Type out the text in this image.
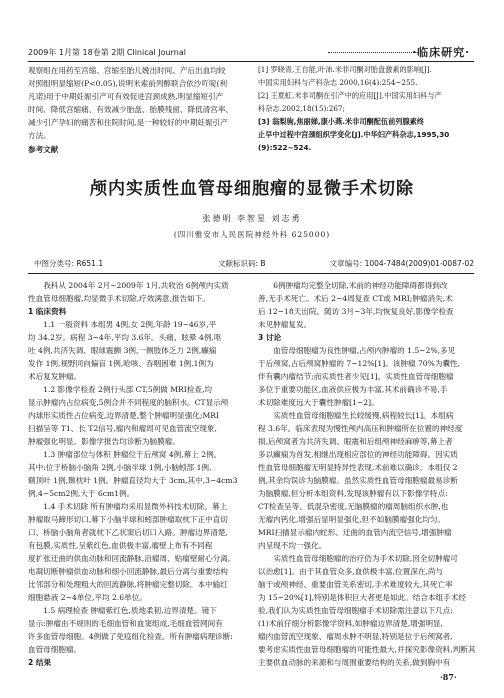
2009年 1月第 18卷第 2期 Clinical Journal	·临床研究·

观察组在用药至宫缩、宫缩至胎儿娩出时间、产后出血均较

对照组明显缩短(P<0.05),说明米索前列醇联合依沙吖啶(利

凡诺)用于中期妊娠引产可有效促进宫颈成熟,明显缩短引产

时间、降低宫缩痛、有效减少胎盘、胎膜残留、降低清宫率、

减少引产孕妇的痛苦和住院时间,是一种较好的中期妊娠引产

方法。

参考文献

[1] 罗晓青,王自能,叶沛.米非司酮对胎盘激素的影响[J].

中国实用妇科与产科杂志 2000,16(4):254~255.

[2] 王夏虹.米非司酮在引产中的应用[J].中国实用妇科与产

科杂志.2002,18(15):267;

[3] 翁梨驹,焦丽娣,康小燕.米非司酮配伍前列腺素终

止早中过程中宫颈组织学变化[J].中华妇产科杂志,1995,30

(9):522~524.

颅内实质性血管母细胞瘤的显微手术切除
张德明 李智星 刘志勇
(四川雅安市人民医院神经外科 625000)
中图分类号: R651.1	文献标识码: B	文章编号: 1004-7484(2009)01-0087-02

我科从 2004年 2月~2009年 1月,共收治 6例颅内实质

性血管母细胞瘤,均显微手术切除,疗效满意,报告如下。

1 临床资料

1.1 一般资料 本组男 4例,女 2例,年龄 19~46岁,平

均 34.2岁。病程 3~4年,平均 3.6年。头痛、眩晕 4例,呕

吐 4例,共济失调、眼球震颤 3例,一侧肢体乏力 2例,癫痫

发作 1例,视野同向偏盲 1例,呛咳、吞咽困难 1例,1例为

术后复发肿瘤。

1.2 影像学检查 2例行头部 CT,5例做 MRI检查,均

显示肿瘤内占位病变,5例合并不同程度的脑积水。CT显示颅

内球形实质性占位病变,边界清楚,整个肿瘤明显强化;MRI

扫描呈等 T1、长 T2信号,瘤内和瘤周可见血管流空现象,

肿瘤强化明显。影像学报告均诊断为脑膜瘤。

1.3 肿瘤部位与体积 肿瘤位于后颅窝 4例,幕上 2例。

其中:位于桥脑小脑角 2例,小脑半球 1例,小脑蚓部 1例,

额顶叶 1例,颞枕叶 1例。肿瘤直径均大于 3cm,其中,3~4cm3

例,4~5cm2例,大于 6cm1例。

1.4 手术切除 所有肿瘤均采用显微外科技术切除。幕上

肿瘤取马蹄形切口,幕下小脑半球和蚓部肿瘤取枕下正中直切

口、桥脑小脑角者就枕下乙状窦后切口入路。肿瘤边界清楚,

有包膜,实质性,呈紫红色,血供极丰富,瘤壁上布有不同程

度扩张迂曲的供血动脉和回流静脉,沿瘤周、贴瘤壁耐心分离,

电凝切断肿瘤供血动脉和细小回流静脉,最后分离与重要结构

比邻部分和处理粗大的回流静脉,将肿瘤完整切除。本中输红

细胞悬液 2~4单位,平均 2.6单位。

1.5 病理检查 肿瘤紫红色,质地柔韧,边界清楚。镜下

显示:肿瘤由不规则的毛细血管和血窦组成,毛细血管网间有

许多血管母细胞。4例做了免疫组化检查。所有肿瘤病理诊断:

血管母细胞瘤。

2 结果

6例肿瘤均完整全切除,术前的神经功能障碍都得到改

善,无手术死亡。术后 2~4周复查 CT或 MRI;肿瘤消失,术

后 12~18天出院。随访 3月~3年,均恢复良好,影像学检查

未见肿瘤复发。

3 讨论

血管母细胞瘤为良性肿瘤,占颅内肿瘤的 1.5~2%,多见

于后颅窝,占后颅窝肿瘤的 7~12%[1]。该肿瘤 70%为囊性,

伴有囊内瘤结节;而实质性者少见[1]。实质性血管母细胞瘤

多位于重要功能区,血液供应极为丰富,其术前确诊不易,手

术切除难度远大于囊性肿瘤[1~2]。

实质性血管母细胞瘤生长较缓慢,病程较长[1]。本组病

程 3.6年。临床表现为慢性颅内高压和肿瘤所在位置的神经度

损,后颅窝者为共济失调、眼震和后组颅神经麻痹等,幕上者

多以癫痫为首发,相继出现相应部位的神经功能障碍。因实质

性血管母细胞瘤无明显特异性表现,术前难以确诊。本组仅 2

例,其余均误诊为脑膜瘤。虽然实质性血管母细胞瘤最易诊断

为脑膜瘤,但分析本组资料,发现该肿瘤有以下影像学特点:

CT检查呈等、低混杂密度,无脑膜瘤的瘤周脑组织水肿,也

无瘤内钙化,增强后显明显强化,但不如脑膜瘤强化均匀。

MRI扫描显示瘤内蛇形、迂曲的血管内流空信号,增强肿瘤

内呈现不均一强化。

实质性血管母细胞瘤的治疗仍为手术切除,因全切肿瘤可

以治愈[1]。由于其血管众多,血供极丰富,位置深在,尚与

脑干或颅神经、重要血管关系密切,手术难度较大,其死亡率

为 15~20%[1],特别是体积巨大者更是如此。结合本组手术经

验,我们认为实质性血管母细胞瘤手术切除需注意以下几点:

(1)术前仔细分析影像学资料,如肿瘤边界清楚,增强明显,

瘤内血管流空现象、瘤周水肿不明显,特别是位于后颅窝者,

要考虑实质性血管母细胞瘤的可能性最大,并探究影像资料,判断其

主要供血动脉的来源和与周围重要结构的关系,做到胸中有

·87·
